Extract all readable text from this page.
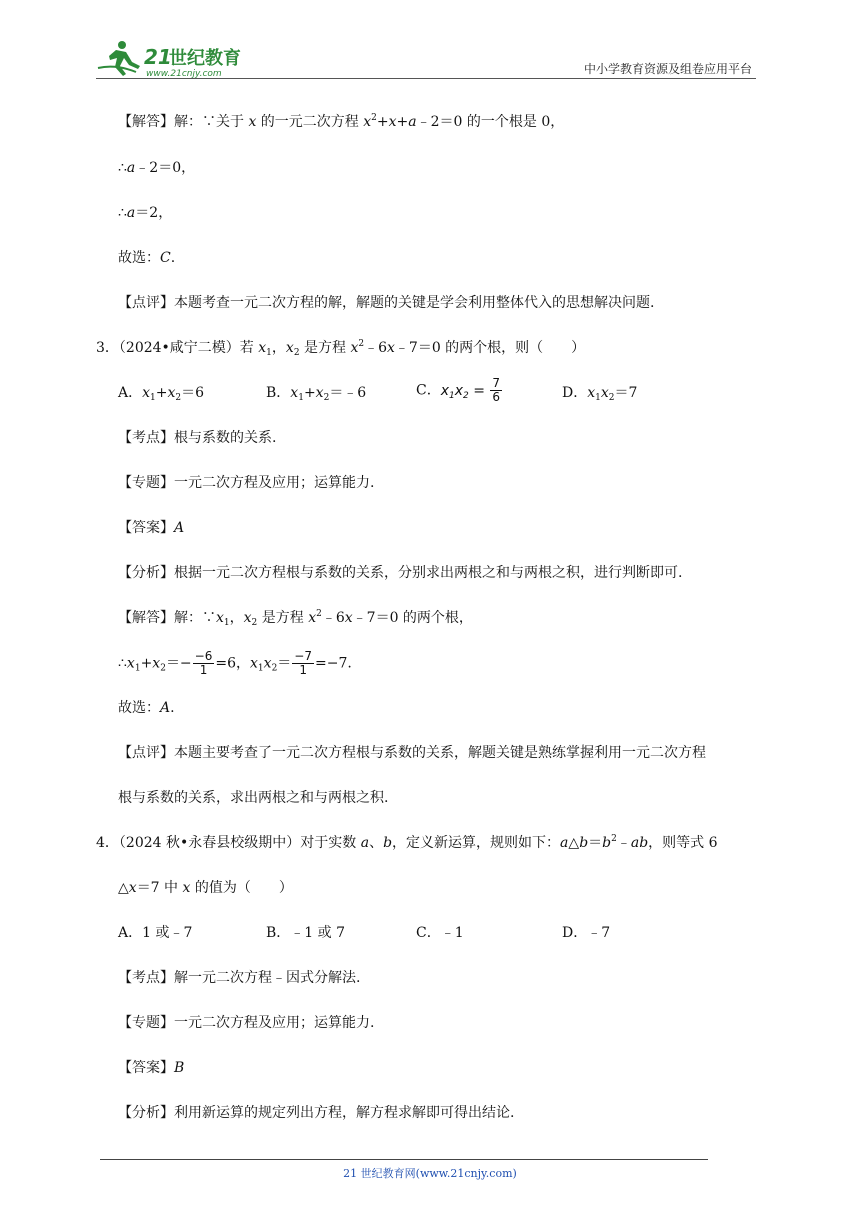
21
世纪教育
www.21cnjy.com	中小学教育资源及组卷应用平台
【解答】解：∵关于 x 的一元二次方程 $x^2+x+a﹣2=0$ 的一个根是 0，
∴a﹣2＝0，
∴a＝2，
故选：C.
【点评】本题考查一元二次方程的解，解题的关键是学会利用整体代入的思想解决问题.
3．（2024•咸宁二模）若 $x_1$，$x_2$ 是方程 $x^2﹣6x﹣7=0$ 的两个根，则（　　）
A．$x_1+x_2=6$	B．$x_1+x_2=﹣6$	C．$x_1x_2 = \frac{7}{6}$	D．$x_1x_2=7$
【考点】根与系数的关系.
【专题】一元二次方程及应用；运算能力.
【答案】A
【分析】根据一元二次方程根与系数的关系，分别求出两根之和与两根之积，进行判断即可.
【解答】解：$\because x_1$，$x_2$ 是方程 $x^2﹣6x﹣7=0$ 的两个根，
$\therefore x_1+x_2=- \frac{-6}{1} =6$，$x_1x_2= \frac{-7}{1} =-7$.
故选：A.
【点评】本题主要考查了一元二次方程根与系数的关系，解题关键是熟练掌握利用一元二次方程
根与系数的关系，求出两根之和与两根之积.
4．（2024 秋•永春县校级期中）对于实数 a、b，定义新运算，规则如下：$a\triangle b=b^2﹣ab$，则等式 6
△x＝7 中 x 的值为（　　）
A．1 或﹣7	B．﹣1 或 7	C．﹣1	D．﹣7
【考点】解一元二次方程﹣因式分解法.
【专题】一元二次方程及应用；运算能力.
【答案】B
【分析】利用新运算的规定列出方程，解方程求解即可得出结论.
21 世纪教育网(www.21cnjy.com)
